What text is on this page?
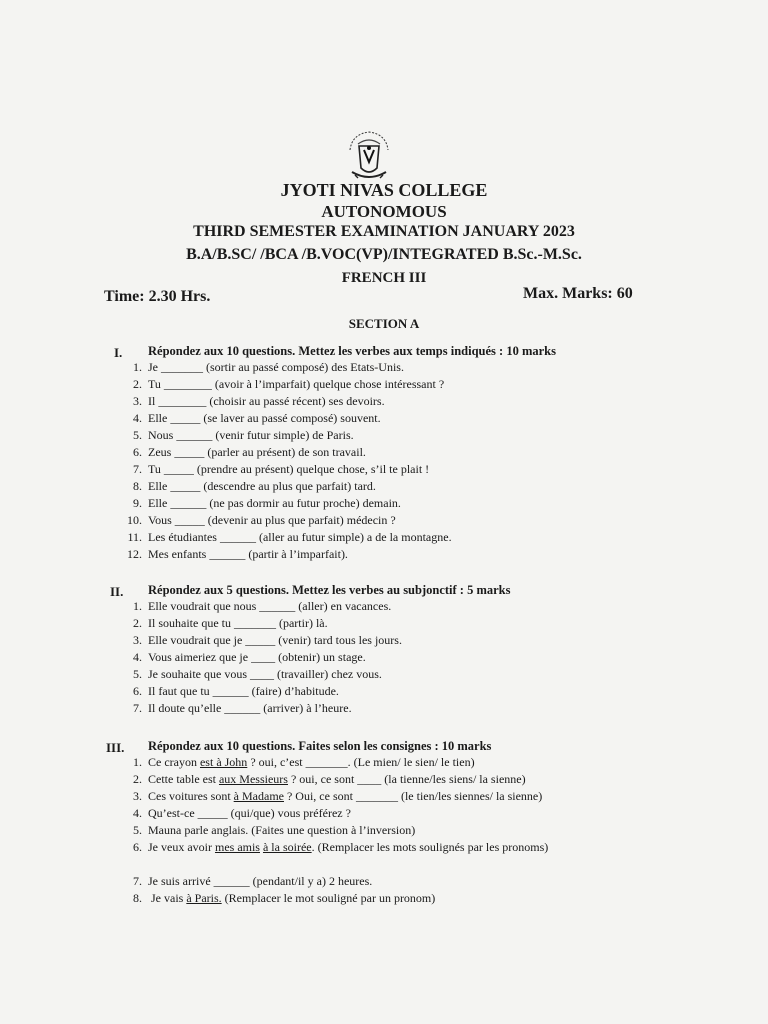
JYOTI NIVAS COLLEGE
AUTONOMOUS
THIRD SEMESTER EXAMINATION JANUARY 2023
B.A/B.SC/ /BCA /B.VOC(VP)/INTEGRATED B.Sc.-M.Sc.
FRENCH III
Time: 2.30 Hrs.	Max. Marks: 60
SECTION A
I. Répondez aux 10 questions. Mettez les verbes aux temps indiqués : 10 marks
1. Je _______ (sortir au passé composé) des Etats-Unis.
2. Tu ________ (avoir à l’imparfait) quelque chose intéressant ?
3. Il ________ (choisir au passé récent) ses devoirs.
4. Elle _____ (se laver au passé composé) souvent.
5. Nous ______ (venir futur simple) de Paris.
6. Zeus _____ (parler au présent) de son travail.
7. Tu _____ (prendre au présent) quelque chose, s’il te plait !
8. Elle _____ (descendre au plus que parfait) tard.
9. Elle ______ (ne pas dormir au futur proche) demain.
10. Vous _____ (devenir au plus que parfait) médecin ?
11. Les étudiantes ______ (aller au futur simple) a de la montagne.
12. Mes enfants ______ (partir à l’imparfait).
II. Répondez aux 5 questions. Mettez les verbes au subjonctif : 5 marks
1. Elle voudrait que nous ______ (aller) en vacances.
2. Il souhaite que tu _______ (partir) là.
3. Elle voudrait que je _____ (venir) tard tous les jours.
4. Vous aimeriez que je ____ (obtenir) un stage.
5. Je souhaite que vous ____ (travailler) chez vous.
6. Il faut que tu ______ (faire) d’habitude.
7. Il doute qu’elle ______ (arriver) à l’heure.
III. Répondez aux 10 questions. Faites selon les consignes : 10 marks
1. Ce crayon est à John ? oui, c’est _______. (Le mien/ le sien/ le tien)
2. Cette table est aux Messieurs ? oui, ce sont ____ (la tienne/les siens/ la sienne)
3. Ces voitures sont à Madame ? Oui, ce sont _______ (le tien/les siennes/ la sienne)
4. Qu’est-ce _____ (qui/que) vous préférez ?
5. Mauna parle anglais. (Faites une question à l’inversion)
6. Je veux avoir mes amis à la soirée. (Remplacer les mots soulignés par les pronoms)
7. Je suis arrivé ______ (pendant/il y a) 2 heures.
8. Je vais à Paris. (Remplacer le mot souligné par un pronom)
